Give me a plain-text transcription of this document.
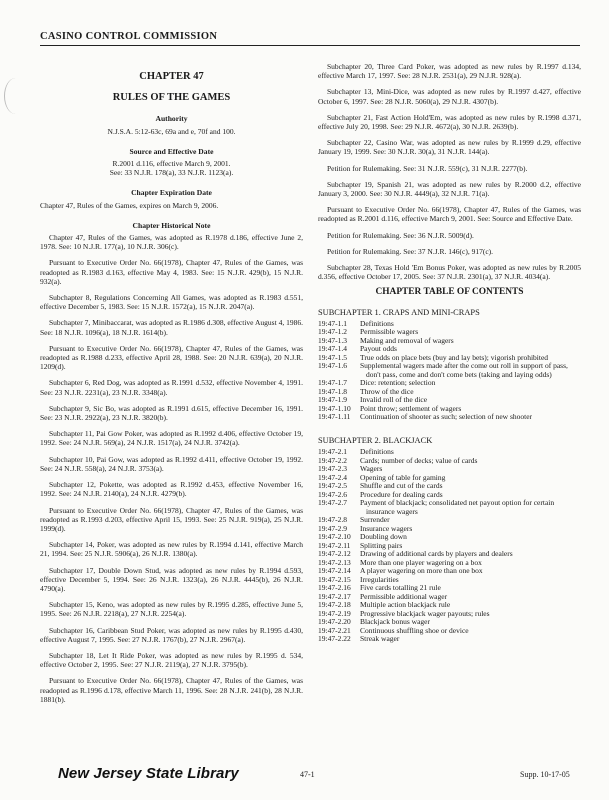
CASINO CONTROL COMMISSION
CHAPTER 47
RULES OF THE GAMES
Authority

N.J.S.A. 5:12-63c, 69a and e, 70f and 100.

Source and Effective Date

R.2001 d.116, effective March 9, 2001.

See: 33 N.J.R. 178(a), 33 N.J.R. 1123(a).

Chapter Expiration Date

Chapter 47, Rules of the Games, expires on March 9, 2006.

Chapter Historical Note

Chapter 47, Rules of the Games, was adopted as R.1978 d.186, effective June 2, 1978. See: 10 N.J.R. 177(a), 10 N.J.R. 306(c).

Pursuant to Executive Order No. 66(1978), Chapter 47, Rules of the Games, was readopted as R.1983 d.163, effective May 4, 1983. See: 15 N.J.R. 429(b), 15 N.J.R. 932(a).

Subchapter 8, Regulations Concerning All Games, was adopted as R.1983 d.551, effective December 5, 1983. See: 15 N.J.R. 1572(a), 15 N.J.R. 2047(a).

Subchapter 7, Minibaccarat, was adopted as R.1986 d.308, effective August 4, 1986. See: 18 N.J.R. 1096(a), 18 N.J.R. 1614(b).

Pursuant to Executive Order No. 66(1978), Chapter 47, Rules of the Games, was readopted as R.1988 d.233, effective April 28, 1988. See: 20 N.J.R. 639(a), 20 N.J.R. 1209(d).

Subchapter 6, Red Dog, was adopted as R.1991 d.532, effective November 4, 1991. See: 23 N.J.R. 2231(a), 23 N.J.R. 3348(a).

Subchapter 9, Sic Bo, was adopted as R.1991 d.615, effective December 16, 1991. See: 23 N.J.R. 2922(a), 23 N.J.R. 3820(b).

Subchapter 11, Pai Gow Poker, was adopted as R.1992 d.406, effective October 19, 1992. See: 24 N.J.R. 569(a), 24 N.J.R. 1517(a), 24 N.J.R. 3742(a).

Subchapter 10, Pai Gow, was adopted as R.1992 d.411, effective October 19, 1992. See: 24 N.J.R. 558(a), 24 N.J.R. 3753(a).

Subchapter 12, Pokette, was adopted as R.1992 d.453, effective November 16, 1992. See: 24 N.J.R. 2140(a), 24 N.J.R. 4279(b).

Pursuant to Executive Order No. 66(1978), Chapter 47, Rules of the Games, was readopted as R.1993 d.203, effective April 15, 1993. See: 25 N.J.R. 919(a), 25 N.J.R. 1999(d).

Subchapter 14, Poker, was adopted as new rules by R.1994 d.141, effective March 21, 1994. See: 25 N.J.R. 5906(a), 26 N.J.R. 1380(a).

Subchapter 17, Double Down Stud, was adopted as new rules by R.1994 d.593, effective December 5, 1994. See: 26 N.J.R. 1323(a), 26 N.J.R. 4445(b), 26 N.J.R. 4790(a).

Subchapter 15, Keno, was adopted as new rules by R.1995 d.285, effective June 5, 1995. See: 26 N.J.R. 2218(a), 27 N.J.R. 2254(a).

Subchapter 16, Caribbean Stud Poker, was adopted as new rules by R.1995 d.430, effective August 7, 1995. See: 27 N.J.R. 1767(b), 27 N.J.R. 2967(a).

Subchapter 18, Let It Ride Poker, was adopted as new rules by R.1995 d. 534, effective October 2, 1995. See: 27 N.J.R. 2119(a), 27 N.J.R. 3795(b).

Pursuant to Executive Order No. 66(1978), Chapter 47, Rules of the Games, was readopted as R.1996 d.178, effective March 11, 1996. See: 28 N.J.R. 241(b), 28 N.J.R. 1881(b).

Subchapter 20, Three Card Poker, was adopted as new rules by R.1997 d.134, effective March 17, 1997. See: 28 N.J.R. 2531(a), 29 N.J.R. 928(a).

Subchapter 13, Mini-Dice, was adopted as new rules by R.1997 d.427, effective October 6, 1997. See: 28 N.J.R. 5060(a), 29 N.J.R. 4307(b).

Subchapter 21, Fast Action Hold'Em, was adopted as new rules by R.1998 d.371, effective July 20, 1998. See: 29 N.J.R. 4672(a), 30 N.J.R. 2639(b).

Subchapter 22, Casino War, was adopted as new rules by R.1999 d.29, effective January 19, 1999. See: 30 N.J.R. 30(a), 31 N.J.R. 144(a).

Petition for Rulemaking. See: 31 N.J.R. 559(c), 31 N.J.R. 2277(b).

Subchapter 19, Spanish 21, was adopted as new rules by R.2000 d.2, effective January 3, 2000. See: 30 N.J.R. 4449(a), 32 N.J.R. 71(a).

Pursuant to Executive Order No. 66(1978), Chapter 47, Rules of the Games, was readopted as R.2001 d.116, effective March 9, 2001. See: Source and Effective Date.

Petition for Rulemaking. See: 36 N.J.R. 5009(d).

Petition for Rulemaking. See: 37 N.J.R. 146(c), 917(c).

Subchapter 28, Texas Hold 'Em Bonus Poker, was adopted as new rules by R.2005 d.356, effective October 17, 2005. See: 37 N.J.R. 2301(a), 37 N.J.R. 4034(a).

CHAPTER TABLE OF CONTENTS
SUBCHAPTER 1. CRAPS AND MINI-CRAPS
19:47-1.1	Definitions
19:47-1.2	Permissible wagers
19:47-1.3	Making and removal of wagers
19:47-1.4	Payout odds
19:47-1.5	True odds on place bets (buy and lay bets); vigorish prohibited
19:47-1.6	Supplemental wagers made after the come out roll in support of pass, don't pass, come and don't come bets (taking and laying odds)
19:47-1.7	Dice: retention; selection
19:47-1.8	Throw of the dice
19:47-1.9	Invalid roll of the dice
19:47-1.10	Point throw; settlement of wagers
19:47-1.11	Continuation of shooter as such; selection of new shooter
SUBCHAPTER 2. BLACKJACK
19:47-2.1	Definitions
19:47-2.2	Cards; number of decks; value of cards
19:47-2.3	Wagers
19:47-2.4	Opening of table for gaming
19:47-2.5	Shuffle and cut of the cards
19:47-2.6	Procedure for dealing cards
19:47-2.7	Payment of blackjack; consolidated net payout option for certain insurance wagers
19:47-2.8	Surrender
19:47-2.9	Insurance wagers
19:47-2.10	Doubling down
19:47-2.11	Splitting pairs
19:47-2.12	Drawing of additional cards by players and dealers
19:47-2.13	More than one player wagering on a box
19:47-2.14	A player wagering on more than one box
19:47-2.15	Irregularities
19:47-2.16	Five cards totalling 21 rule
19:47-2.17	Permissible additional wager
19:47-2.18	Multiple action blackjack rule
19:47-2.19	Progressive blackjack wager payouts; rules
19:47-2.20	Blackjack bonus wager
19:47-2.21	Continuous shuffling shoe or device
19:47-2.22	Streak wager
New Jersey State Library	47-1	Supp. 10-17-05
